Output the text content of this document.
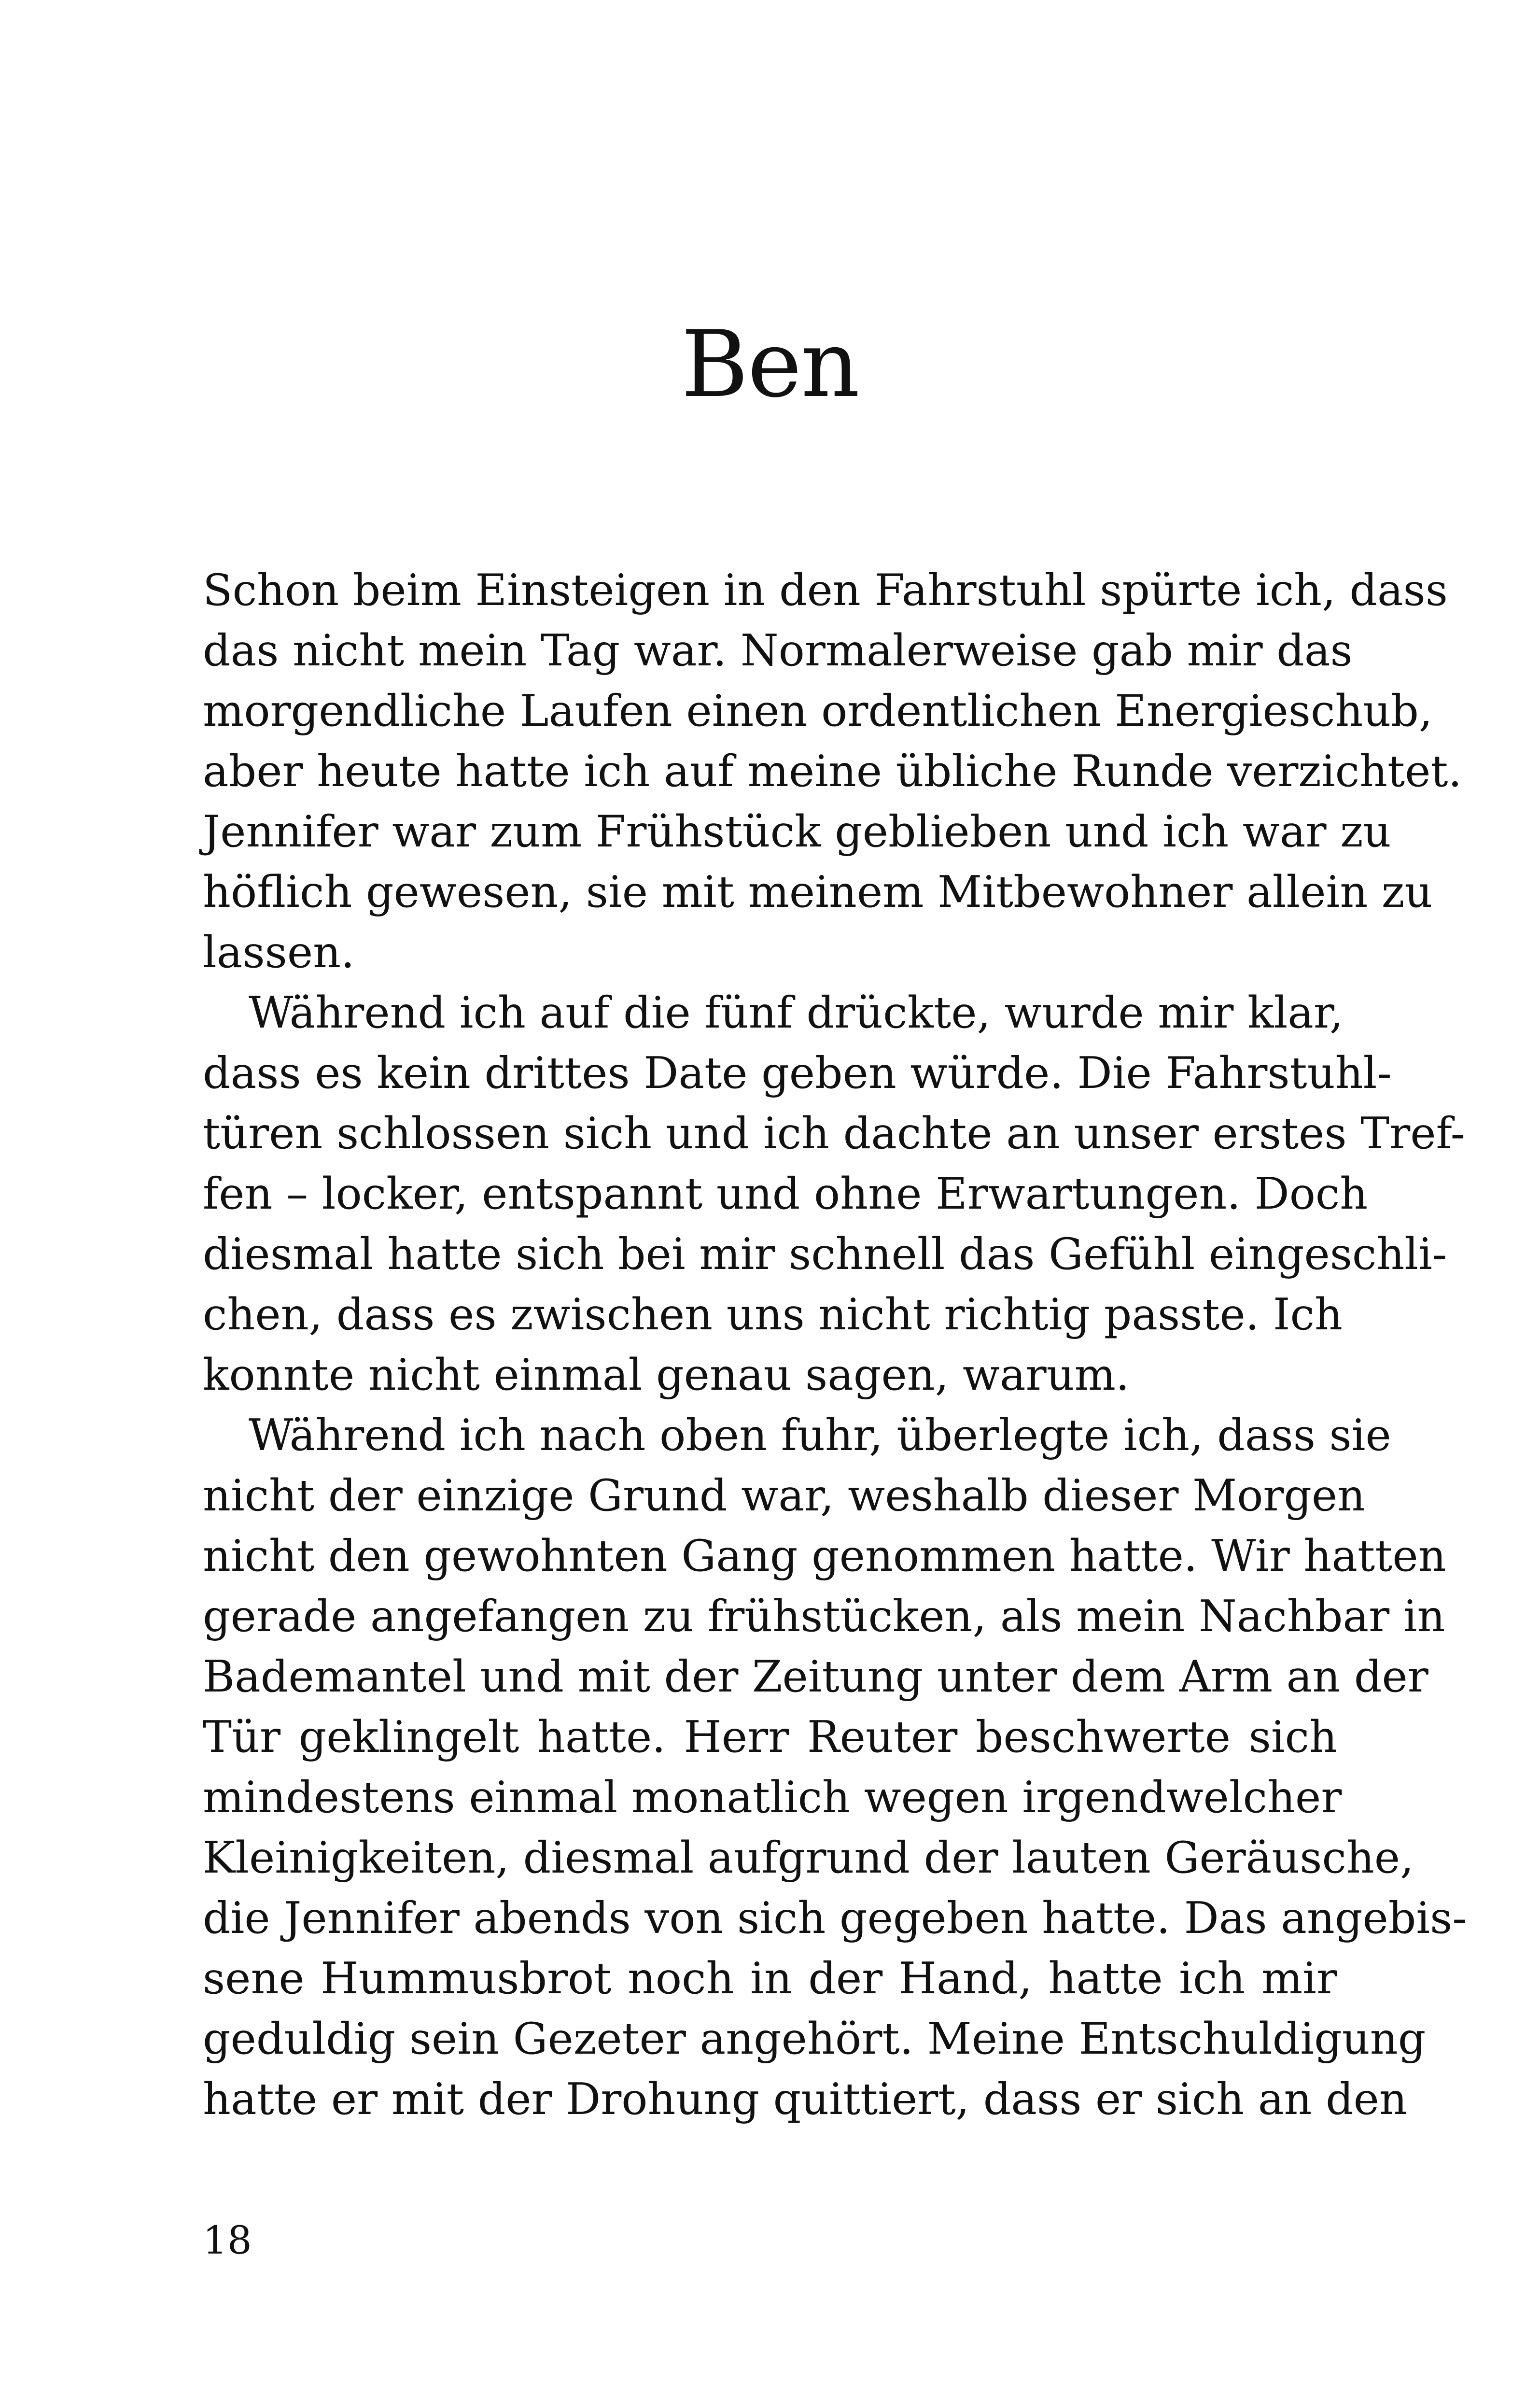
Ben

Schon beim Einsteigen in den Fahrstuhl spürte ich, dass
das nicht mein Tag war. Normalerweise gab mir das
morgendliche Laufen einen ordentlichen Energieschub,
aber heute hatte ich auf meine übliche Runde verzichtet.
Jennifer war zum Frühstück geblieben und ich war zu
höflich gewesen, sie mit meinem Mitbewohner allein zu
lassen.

Während ich auf die fünf drückte, wurde mir klar,
dass es kein drittes Date geben würde. Die Fahrstuhl-
türen schlossen sich und ich dachte an unser erstes Tref-
fen – locker, entspannt und ohne Erwartungen. Doch
diesmal hatte sich bei mir schnell das Gefühl eingeschli-
chen, dass es zwischen uns nicht richtig passte. Ich
konnte nicht einmal genau sagen, warum.

Während ich nach oben fuhr, überlegte ich, dass sie
nicht der einzige Grund war, weshalb dieser Morgen
nicht den gewohnten Gang genommen hatte. Wir hatten
gerade angefangen zu frühstücken, als mein Nachbar in
Bademantel und mit der Zeitung unter dem Arm an der
Tür geklingelt hatte. Herr Reuter beschwerte sich
mindestens einmal monatlich wegen irgendwelcher
Kleinigkeiten, diesmal aufgrund der lauten Geräusche,
die Jennifer abends von sich gegeben hatte. Das angebis-
sene Hummusbrot noch in der Hand, hatte ich mir
geduldig sein Gezeter angehört. Meine Entschuldigung
hatte er mit der Drohung quittiert, dass er sich an den

18
